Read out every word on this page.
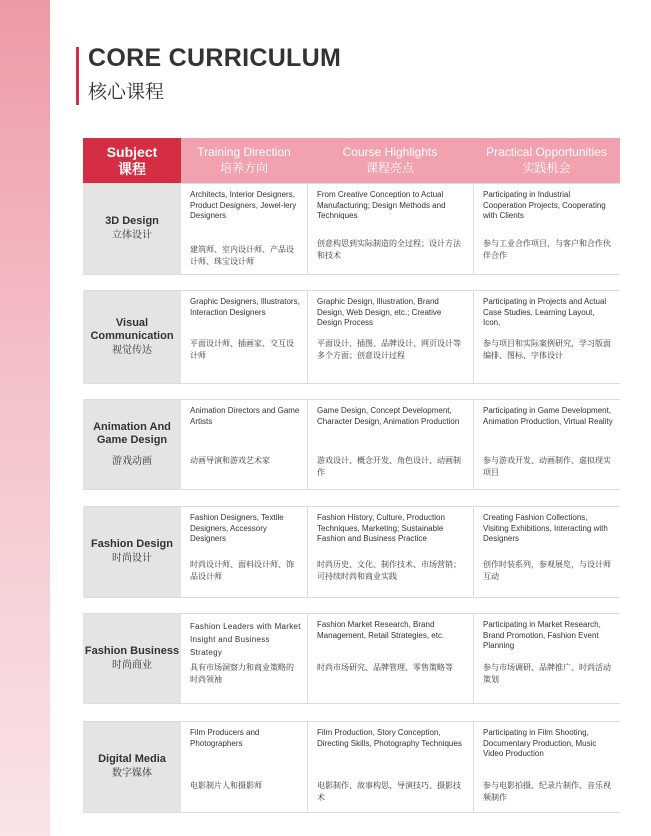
CORE CURRICULUM
核心课程
Subject
课程
Training Direction
培养方向
Course Highlights
课程亮点
Practical Opportunities
实践机会
3D Design
立体设计
Architects, Interior Designers, Product Designers, Jewel-lery Designers
建筑师、室内设计师、产品设计师、珠宝设计师
From Creative Conception to Actual Manufacturing; Design Methods and Techniques
创意构思到实际制造的全过程；设计方法和技术
Participating in Industrial Cooperation Projects, Cooperating with Clients
参与工业合作项目，与客户和合作伙伴合作
Visual Communication
视觉传达
Graphic Designers, Illustrators, Interaction Designers
平面设计师、插画家、交互设计师
Graphic Design, Illustration, Brand Design, Web Design, etc.; Creative Design Process
平面设计、插图、品牌设计、网页设计等多个方面；创意设计过程
Participating in Projects and Actual Case Studies, Learning Layout, Icon,
参与项目和实际案例研究，学习版面编排、图标、字体设计
Animation And Game Design
游戏动画
Animation Directors and Game Artists
动画导演和游戏艺术家
Game Design, Concept Development, Character Design, Animation Production
游戏设计、概念开发、角色设计、动画制作
Participating in Game Development, Animation Production, Virtual Reality
参与游戏开发、动画制作、虚拟现实项目
Fashion Design
时尚设计
Fashion Designers, Textile Designers, Accessory Designers
时尚设计师、面料设计师、饰品设计师
Fashion History, Culture, Production Techniques, Marketing; Sustainable Fashion and Business Practice
时尚历史、文化、制作技术、市场营销；可持续时尚和商业实践
Creating Fashion Collections, Visiting Exhibitions, Interacting with Designers
创作时装系列，参观展览，与设计师互动
Fashion Business
时尚商业
Fashion Leaders with Market Insight and Business Strategy
具有市场洞察力和商业策略的时尚领袖
Fashion Market Research, Brand Management, Retail Strategies, etc.
时尚市场研究、品牌管理、零售策略等
Participating in Market Research, Brand Promotion, Fashion Event Planning
参与市场调研、品牌推广、时尚活动策划
Digital Media
数字媒体
Film Producers and Photographers
电影制片人和摄影师
Film Production, Story Conception, Directing Skills, Photography Techniques
电影制作、故事构思、导演技巧、摄影技术
Participating in Film Shooting, Documentary Production, Music Video Production
参与电影拍摄、纪录片制作、音乐视频制作
